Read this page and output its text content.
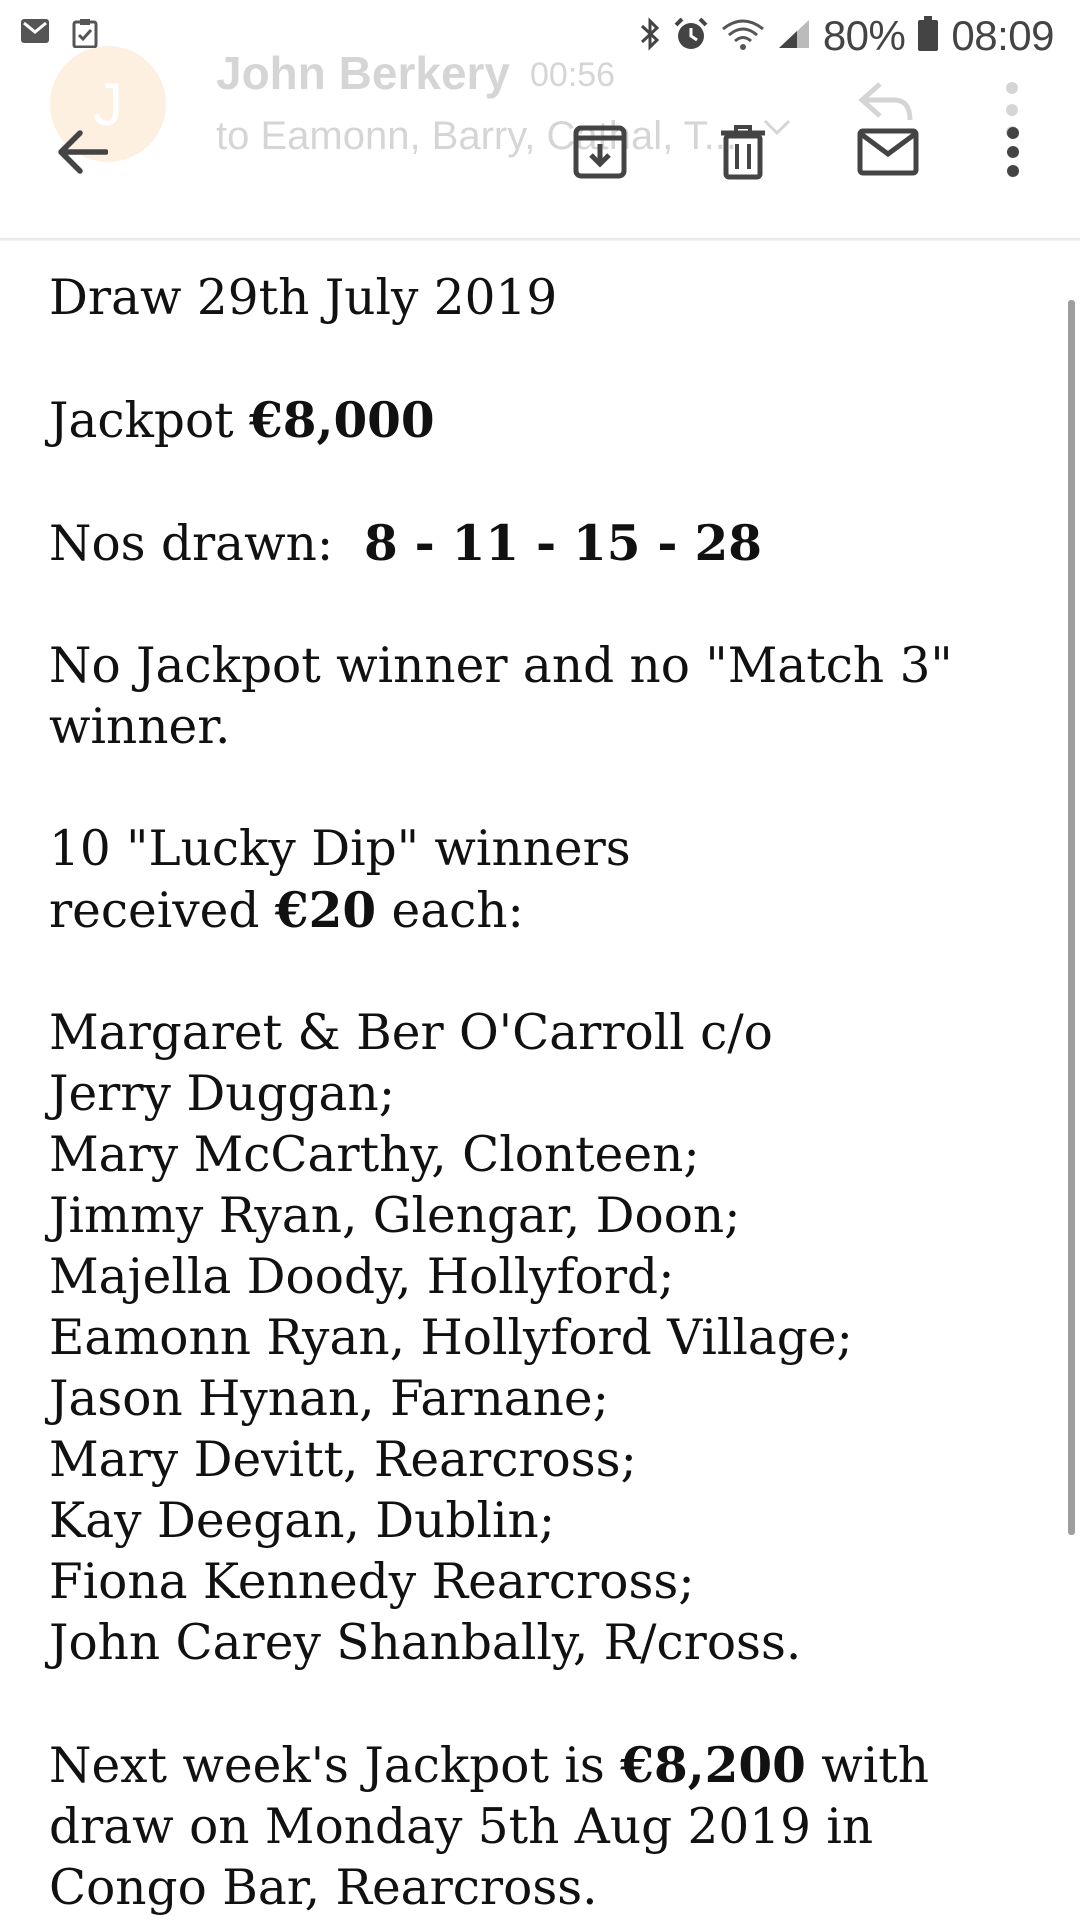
80% 08:09
J	John Berkery 00:56
to Eamonn, Barry, Cathal, T...

Draw 29th July 2019

Jackpot €8,000

Nos drawn:  8 - 11 - 15 - 28

No Jackpot winner and no "Match 3" winner.

10 "Lucky Dip" winners
received €20 each:

Margaret & Ber O'Carroll c/o Jerry Duggan;
Mary McCarthy, Clonteen;
Jimmy Ryan, Glengar, Doon;
Majella Doody, Hollyford;
Eamonn Ryan, Hollyford Village;
Jason Hynan, Farnane;
Mary Devitt, Rearcross;
Kay Deegan, Dublin;
Fiona Kennedy Rearcross;
John Carey Shanbally, R/cross.

Next week's Jackpot is €8,200 with draw on Monday 5th Aug 2019 in Congo Bar, Rearcross.
